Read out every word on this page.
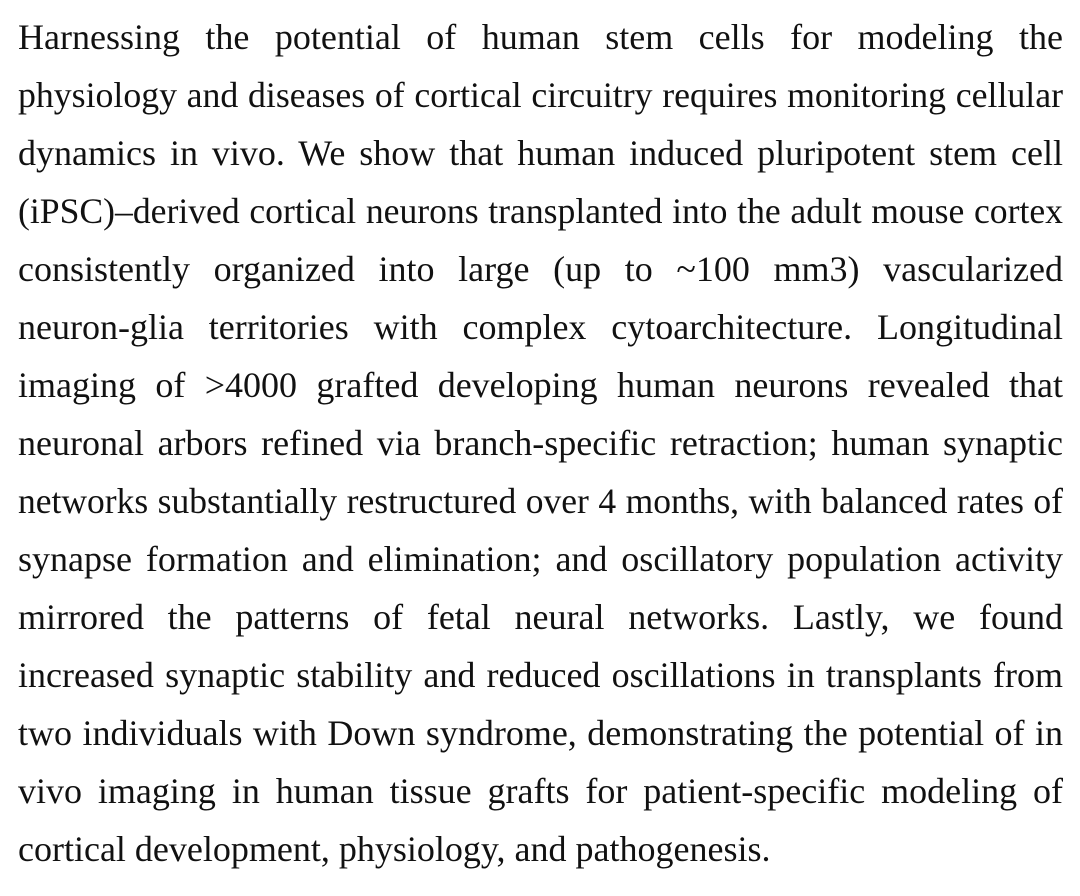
Harnessing the potential of human stem cells for modeling the
physiology and diseases of cortical circuitry requires monitoring cellular
dynamics in vivo. We show that human induced pluripotent stem cell
(iPSC)–derived cortical neurons transplanted into the adult mouse cortex
consistently organized into large (up to ~100 mm3) vascularized
neuron-glia territories with complex cytoarchitecture. Longitudinal
imaging of >4000 grafted developing human neurons revealed that
neuronal arbors refined via branch-specific retraction; human synaptic
networks substantially restructured over 4 months, with balanced rates of
synapse formation and elimination; and oscillatory population activity
mirrored the patterns of fetal neural networks. Lastly, we found
increased synaptic stability and reduced oscillations in transplants from
two individuals with Down syndrome, demonstrating the potential of in
vivo imaging in human tissue grafts for patient-specific modeling of
cortical development, physiology, and pathogenesis.
